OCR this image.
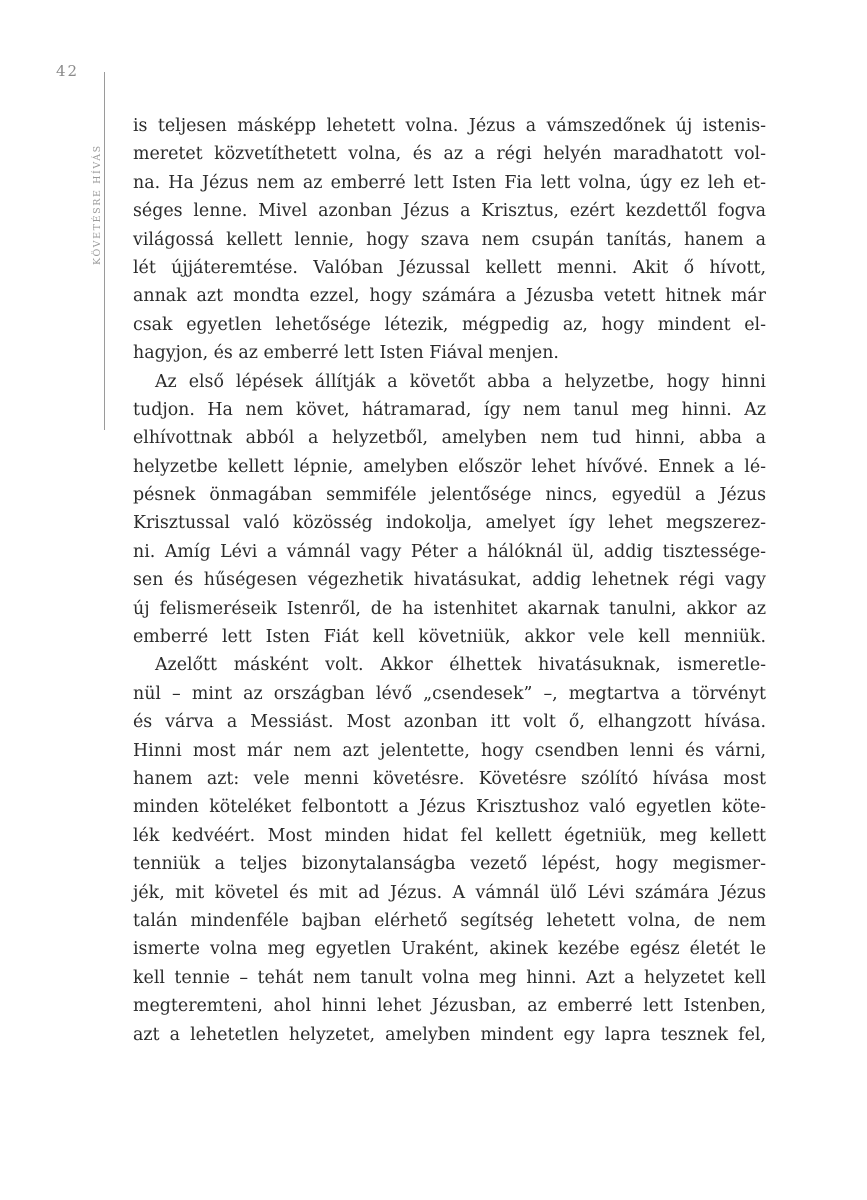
42
KÖVETÉSRE HÍVÁS
is teljesen másképp lehetett volna. Jézus a vámszedőnek új istenis-
meretet közvetíthetett volna, és az a régi helyén maradhatott vol-
na. Ha Jézus nem az emberré lett Isten Fia lett volna, úgy ez leh et-
séges lenne. Mivel azonban Jézus a Krisztus, ezért kezdettől fogva
világossá kellett lennie, hogy szava nem csupán tanítás, hanem a
lét újjáteremtése. Valóban Jézussal kellett menni. Akit ő hívott,
annak azt mondta ezzel, hogy számára a Jézusba vetett hitnek már
csak egyetlen lehetősége létezik, mégpedig az, hogy mindent el-
hagyjon, és az emberré lett Isten Fiával menjen.
Az első lépések állítják a követőt abba a helyzetbe, hogy hinni
tudjon. Ha nem követ, hátramarad, így nem tanul meg hinni. Az
elhívottnak abból a helyzetből, amelyben nem tud hinni, abba a
helyzetbe kellett lépnie, amelyben először lehet hívővé. Ennek a lé-
pésnek önmagában semmiféle jelentősége nincs, egyedül a Jézus
Krisztussal való közösség indokolja, amelyet így lehet megszerez-
ni. Amíg Lévi a vámnál vagy Péter a hálóknál ül, addig tisztessége-
sen és hűségesen végezhetik hivatásukat, addig lehetnek régi vagy
új felismeréseik Istenről, de ha istenhitet akarnak tanulni, akkor az
emberré lett Isten Fiát kell követniük, akkor vele kell menniük.
Azelőtt másként volt. Akkor élhettek hivatásuknak, ismeretle-
nül – mint az országban lévő „csendesek” –, megtartva a törvényt
és várva a Messiást. Most azonban itt volt ő, elhangzott hívása.
Hinni most már nem azt jelentette, hogy csendben lenni és várni,
hanem azt: vele menni követésre. Követésre szólító hívása most
minden köteléket felbontott a Jézus Krisztushoz való egyetlen köte-
lék kedvéért. Most minden hidat fel kellett égetniük, meg kellett
tenniük a teljes bizonytalanságba vezető lépést, hogy megismer-
jék, mit követel és mit ad Jézus. A vámnál ülő Lévi számára Jézus
talán mindenféle bajban elérhető segítség lehetett volna, de nem
ismerte volna meg egyetlen Uraként, akinek kezébe egész életét le
kell tennie – tehát nem tanult volna meg hinni. Azt a helyzetet kell
megteremteni, ahol hinni lehet Jézusban, az emberré lett Istenben,
azt a lehetetlen helyzetet, amelyben mindent egy lapra tesznek fel,
